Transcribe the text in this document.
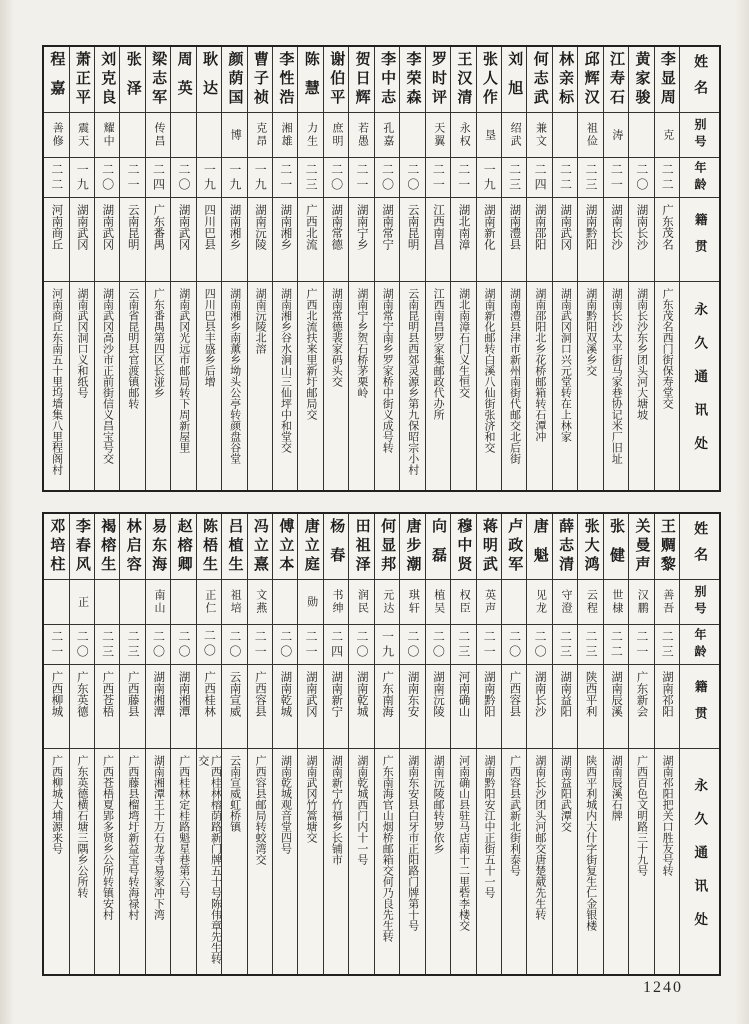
姓名
别号
年龄
籍贯
永久通讯处
李显周
克
二二
广东茂名
广东茂名西门街保寿堂交
黄家骏
二〇
湖南长沙
湖南长沙东乡团头河大塘坡
江寿石
涛
二一
湖南长沙
湖南长沙太平街马家巷协记米厂旧址
邱辉汉
祖俭
二三
湖南黔阳
湖南黔阳双溪乡交
林亲标
二二
湖南武冈
湖南武冈洞口兴元堂转在上林家
何志武
兼文
二四
湖南邵阳
湖南邵阳北乡花桥邮箱转石潭冲
刘旭
绍武
二三
湖南澧县
湖南澧县津市新州南街代邮交北后街
张人作
垦
一九
湖南新化
湖南新化邮转白溪八仙街张济和交
王汉清
永权
二一
湖北南漳
湖北南漳石门义生恒交
罗时评
天翼
二一
江西南昌
江西南昌罗家集邮政代办所
李荣森
二〇
云南昆明
云南昆明县西郊灵源乡第九保昭宗小村
李中志
孔嘉
二〇
湖南常宁
湖南常宁南乡罗家桥中街义成号转
贺日辉
若愚
二一
湖南宁乡
湖南宁乡贺石桥茅栗岭
谢伯平
庶明
二〇
湖南常德
湖南常德裴家码头交
陈慧
力生
二三
广西北流
广西北流扶来里新圩邮局交
李性浩
湘雄
二一
湖南湘乡
湖南湘乡谷水涧山三仙坪中和堂交
曹子祯
克昂
一九
湖南沅陵
湖南沅陵北溶
颜荫国
博
一九
湖南湘乡
湖南湘乡南薰乡坳头公亭转颜盘谷堂
耿达
一九
四川巴县
四川巴县丰盛乡后增
周英
二〇
湖南武冈
湖南武冈光远市邮局转下周新屋里
梁志军
传昌
二四
广东番禺
广东番禺第四区长湴乡
张泽
二一
云南昆明
云南省昆明县官渡镇邮转
刘克良
耀中
二〇
湖南武冈
湖南武冈高沙市正前街信义昌宝号交
萧正平
震天
一九
湖南武冈
湖南武冈洞口义和纸号
程嘉
善修
二二
河南商丘
河南商丘东南五十里坞墙集八里程阁村
姓名
别号
年龄
籍贯
永久通讯处
王赒黎
善吾
二三
湖南祁阳
湖南祁阳把关口胜友号转
关曼声
汉鹏
二一
广东新会
广西百色文明路三十九号
张健
世棣
二二
湖南辰溪
湖南辰溪石牌
张大鸿
云程
二三
陕西平利
陕西平利城内大什字街复生仁金银楼
薛志清
守澄
二三
湖南益阳
湖南益阳武潭交
唐魁
见龙
二〇
湖南长沙
湖南长沙团头河邮交唐楚葳先生转
卢政军
二〇
广西容县
广西容县武新北街利泰号
蒋明武
英声
二一
湖南黔阳
湖南黔阳安江中正街五十一号
穆中贤
权臣
二三
河南确山
河南确山县驻马店南十二里砦李楼交
向磊
植吴
二〇
湖南沅陵
湖南沅陵邮转罗依乡
唐步潮
琪轩
二〇
湖南东安
湖南东安县白牙市正阳路门牌第十号
何显邦
元达
一九
广东南海
广东南海官山烟桥邮箱交何乃良先生转
田祖泽
润民
二〇
湖南乾城
湖南乾城西门内十一号
杨春
书绅
二四
湖南新宁
湖南新宁竹福乡长铺市
唐立庭
勋
二一
湖南武冈
湖南武冈竹篙塘交
傅立本
二〇
湖南乾城
湖南乾城观音堂四号
冯立熹
文燕
二一
广西容县
广西容县邮局转蛟湾交
吕植生
祖培
二〇
云南宣威
云南宣威虹桥镇
陈梧生
正仁
二〇
广西桂林
广西桂林榕荫路新门牌五十号陈伟章先生转交
赵榕卿
二〇
湖南湘潭
广西桂林定桂路魁星巷第六号
易东海
南山
二〇
湖南湘潭
湖南湘潭王十万石龙寺易家冲下湾
林启容
二三
广西藤县
广西藤县榴塆圩新益宝号转海禄村
褐榕生
二三
广西苍梧
广西苍梧夏郢多贤乡公所转镇安村
李春风
正
二〇
广东英德
广东英德横石塘三隅乡公所转
邓培柱
二一
广西柳城
广西柳城大埔源来号
1240
